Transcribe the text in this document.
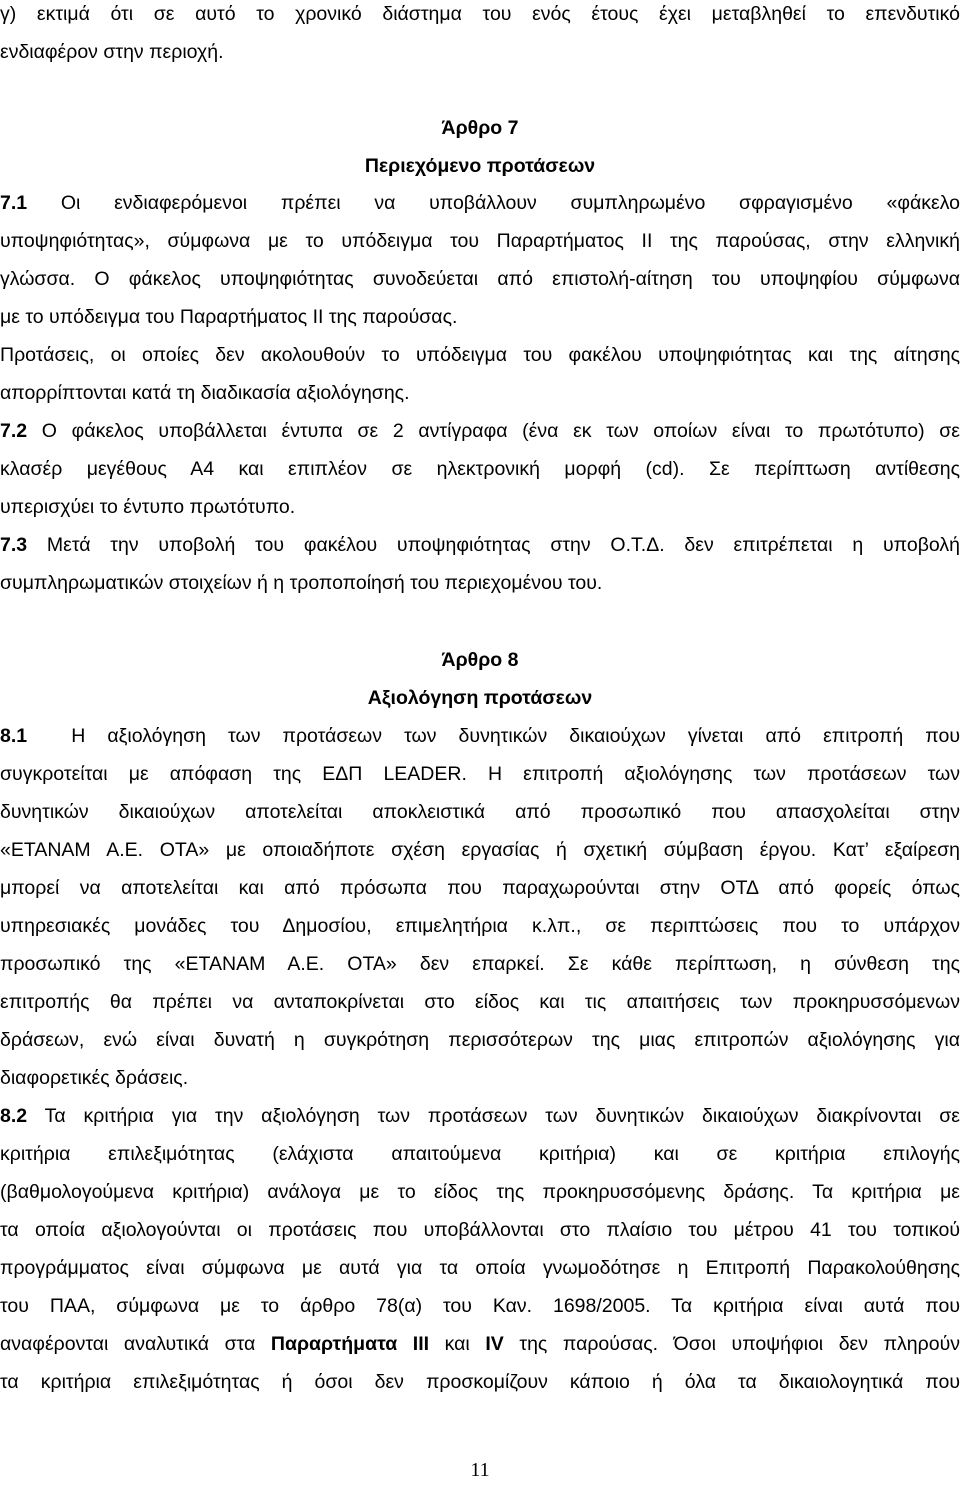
γ) εκτιμά ότι σε αυτό το χρονικό διάστημα του ενός έτους έχει μεταβληθεί το επενδυτικό
ενδιαφέρον στην περιοχή.
Άρθρο 7
Περιεχόμενο προτάσεων
7.1 Οι ενδιαφερόμενοι πρέπει να υποβάλλουν συμπληρωμένο σφραγισμένο «φάκελο
υποψηφιότητας», σύμφωνα με το υπόδειγμα του Παραρτήματος ΙΙ της παρούσας, στην ελληνική
γλώσσα. Ο φάκελος υποψηφιότητας συνοδεύεται από επιστολή-αίτηση του υποψηφίου σύμφωνα
με το υπόδειγμα του Παραρτήματος ΙΙ της παρούσας.
Προτάσεις, οι οποίες δεν ακολουθούν το υπόδειγμα του φακέλου υποψηφιότητας και της αίτησης
απορρίπτονται κατά τη διαδικασία αξιολόγησης.
7.2 Ο φάκελος υποβάλλεται έντυπα σε 2 αντίγραφα (ένα εκ των οποίων είναι το πρωτότυπο) σε
κλασέρ μεγέθους Α4 και επιπλέον σε ηλεκτρονική μορφή (cd). Σε περίπτωση αντίθεσης
υπερισχύει το έντυπο πρωτότυπο.
7.3 Μετά την υποβολή του φακέλου υποψηφιότητας στην Ο.Τ.Δ. δεν επιτρέπεται η υποβολή
συμπληρωματικών στοιχείων ή η τροποποίησή του περιεχομένου του.
Άρθρο 8
Αξιολόγηση προτάσεων
8.1  Η αξιολόγηση των προτάσεων των δυνητικών δικαιούχων γίνεται από επιτροπή που
συγκροτείται με απόφαση της ΕΔΠ LEADER. Η επιτροπή αξιολόγησης των προτάσεων των
δυνητικών δικαιούχων αποτελείται αποκλειστικά από προσωπικό που απασχολείται στην
«ΕΤΑΝΑΜ Α.Ε. ΟΤΑ» με οποιαδήποτε σχέση εργασίας ή σχετική σύμβαση έργου. Κατ’ εξαίρεση
μπορεί να αποτελείται και από πρόσωπα που παραχωρούνται στην ΟΤΔ από φορείς όπως
υπηρεσιακές μονάδες του Δημοσίου, επιμελητήρια κ.λπ., σε περιπτώσεις που το υπάρχον
προσωπικό της «ΕΤΑΝΑΜ Α.Ε. ΟΤΑ» δεν επαρκεί. Σε κάθε περίπτωση, η σύνθεση της
επιτροπής θα πρέπει να ανταποκρίνεται στο είδος και τις απαιτήσεις των προκηρυσσόμενων
δράσεων, ενώ είναι δυνατή η συγκρότηση περισσότερων της μιας επιτροπών αξιολόγησης για
διαφορετικές δράσεις.
8.2 Τα κριτήρια για την αξιολόγηση των προτάσεων των δυνητικών δικαιούχων διακρίνονται σε
κριτήρια επιλεξιμότητας (ελάχιστα απαιτούμενα κριτήρια) και σε κριτήρια επιλογής
(βαθμολογούμενα κριτήρια) ανάλογα με το είδος της προκηρυσσόμενης δράσης. Τα κριτήρια με
τα οποία αξιολογούνται οι προτάσεις που υποβάλλονται στο πλαίσιο του μέτρου 41 του τοπικού
προγράμματος είναι σύμφωνα με αυτά για τα οποία γνωμοδότησε η Επιτροπή Παρακολούθησης
του ΠΑΑ, σύμφωνα με το άρθρο 78(α) του Καν. 1698/2005. Τα κριτήρια είναι αυτά που
αναφέρονται αναλυτικά στα Παραρτήματα ΙΙΙ και IV της παρούσας. Όσοι υποψήφιοι δεν πληρούν
τα κριτήρια επιλεξιμότητας ή όσοι δεν προσκομίζουν κάποιο ή όλα τα δικαιολογητικά που
11
